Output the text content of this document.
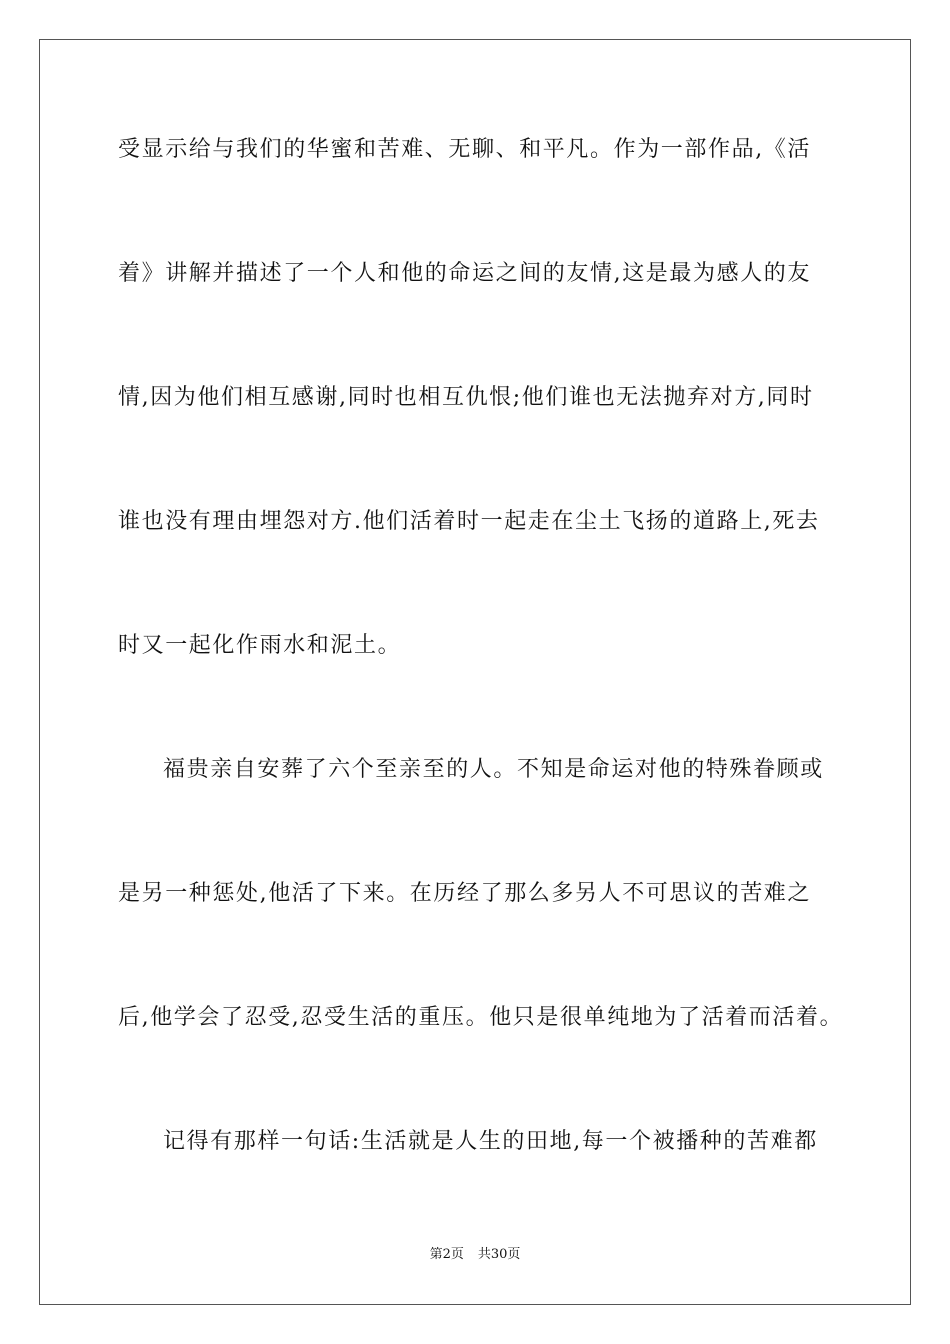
受显示给与我们的华蜜和苦难、无聊、和平凡。作为一部作品,《活
着》讲解并描述了一个人和他的命运之间的友情,这是最为感人的友
情,因为他们相互感谢,同时也相互仇恨;他们谁也无法抛弃对方,同时
谁也没有理由埋怨对方.他们活着时一起走在尘土飞扬的道路上,死去
时又一起化作雨水和泥土。
福贵亲自安葬了六个至亲至的人。不知是命运对他的特殊眷顾或
是另一种惩处,他活了下来。在历经了那么多另人不可思议的苦难之
后,他学会了忍受,忍受生活的重压。他只是很单纯地为了活着而活着。
记得有那样一句话:生活就是人生的田地,每一个被播种的苦难都
第2页 共30页
